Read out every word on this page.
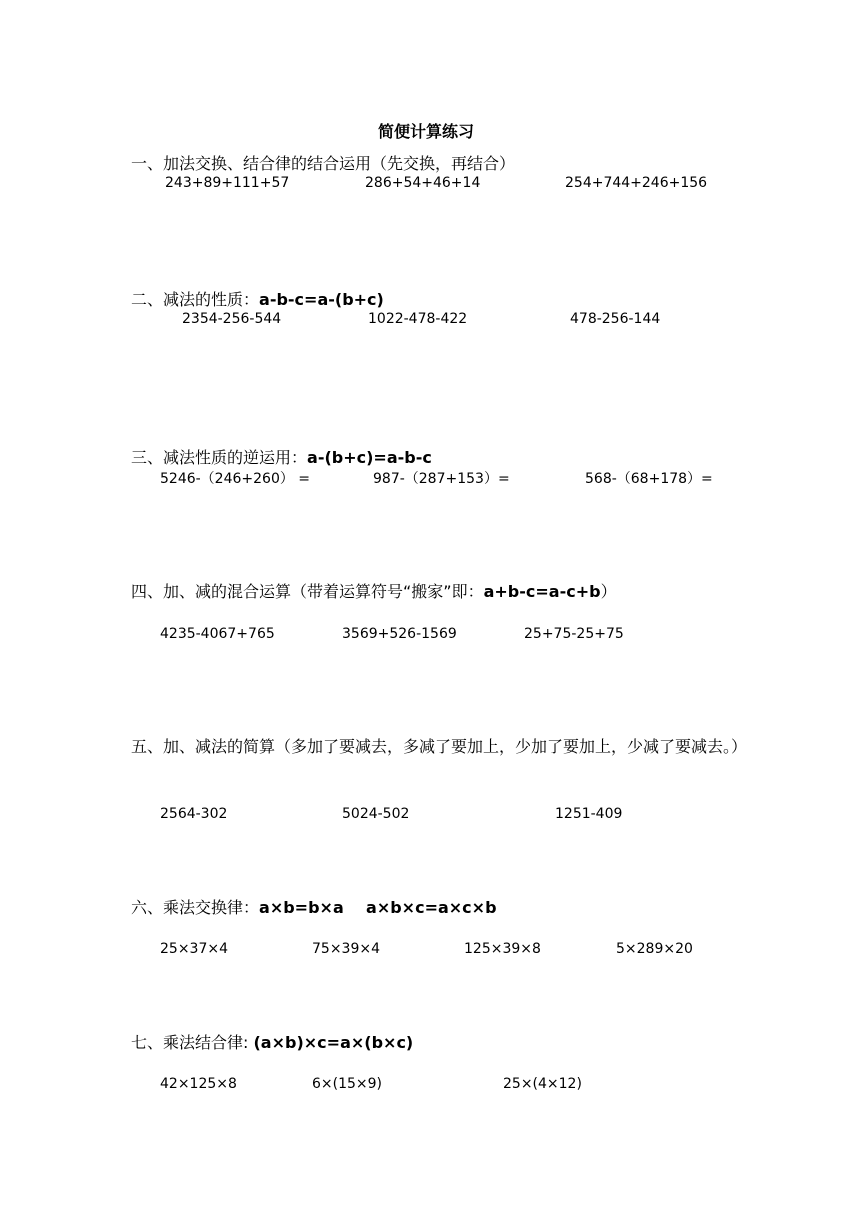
简便计算练习
一、加法交换、结合律的结合运用（先交换，再结合）
243+89+111+57	286+54+46+14	254+744+246+156
二、减法的性质：a-b-c=a-(b+c)
2354-256-544	1022-478-422	478-256-144
三、减法性质的逆运用：a-(b+c)=a-b-c
5246-（246+260） =	987-（287+153）=	568-（68+178）=
四、加、减的混合运算（带着运算符号“搬家”即：a+b-c=a-c+b）
4235-4067+765	3569+526-1569	25+75-25+75
五、加、减法的简算（多加了要减去，多减了要加上，少加了要加上，少减了要减去。）
2564-302	5024-502	1251-409
六、乘法交换律：a×b=b×a    a×b×c=a×c×b
25×37×4	75×39×4	125×39×8	5×289×20
七、乘法结合律: (a×b)×c=a×(b×c)
42×125×8	6×(15×9)	25×(4×12)
